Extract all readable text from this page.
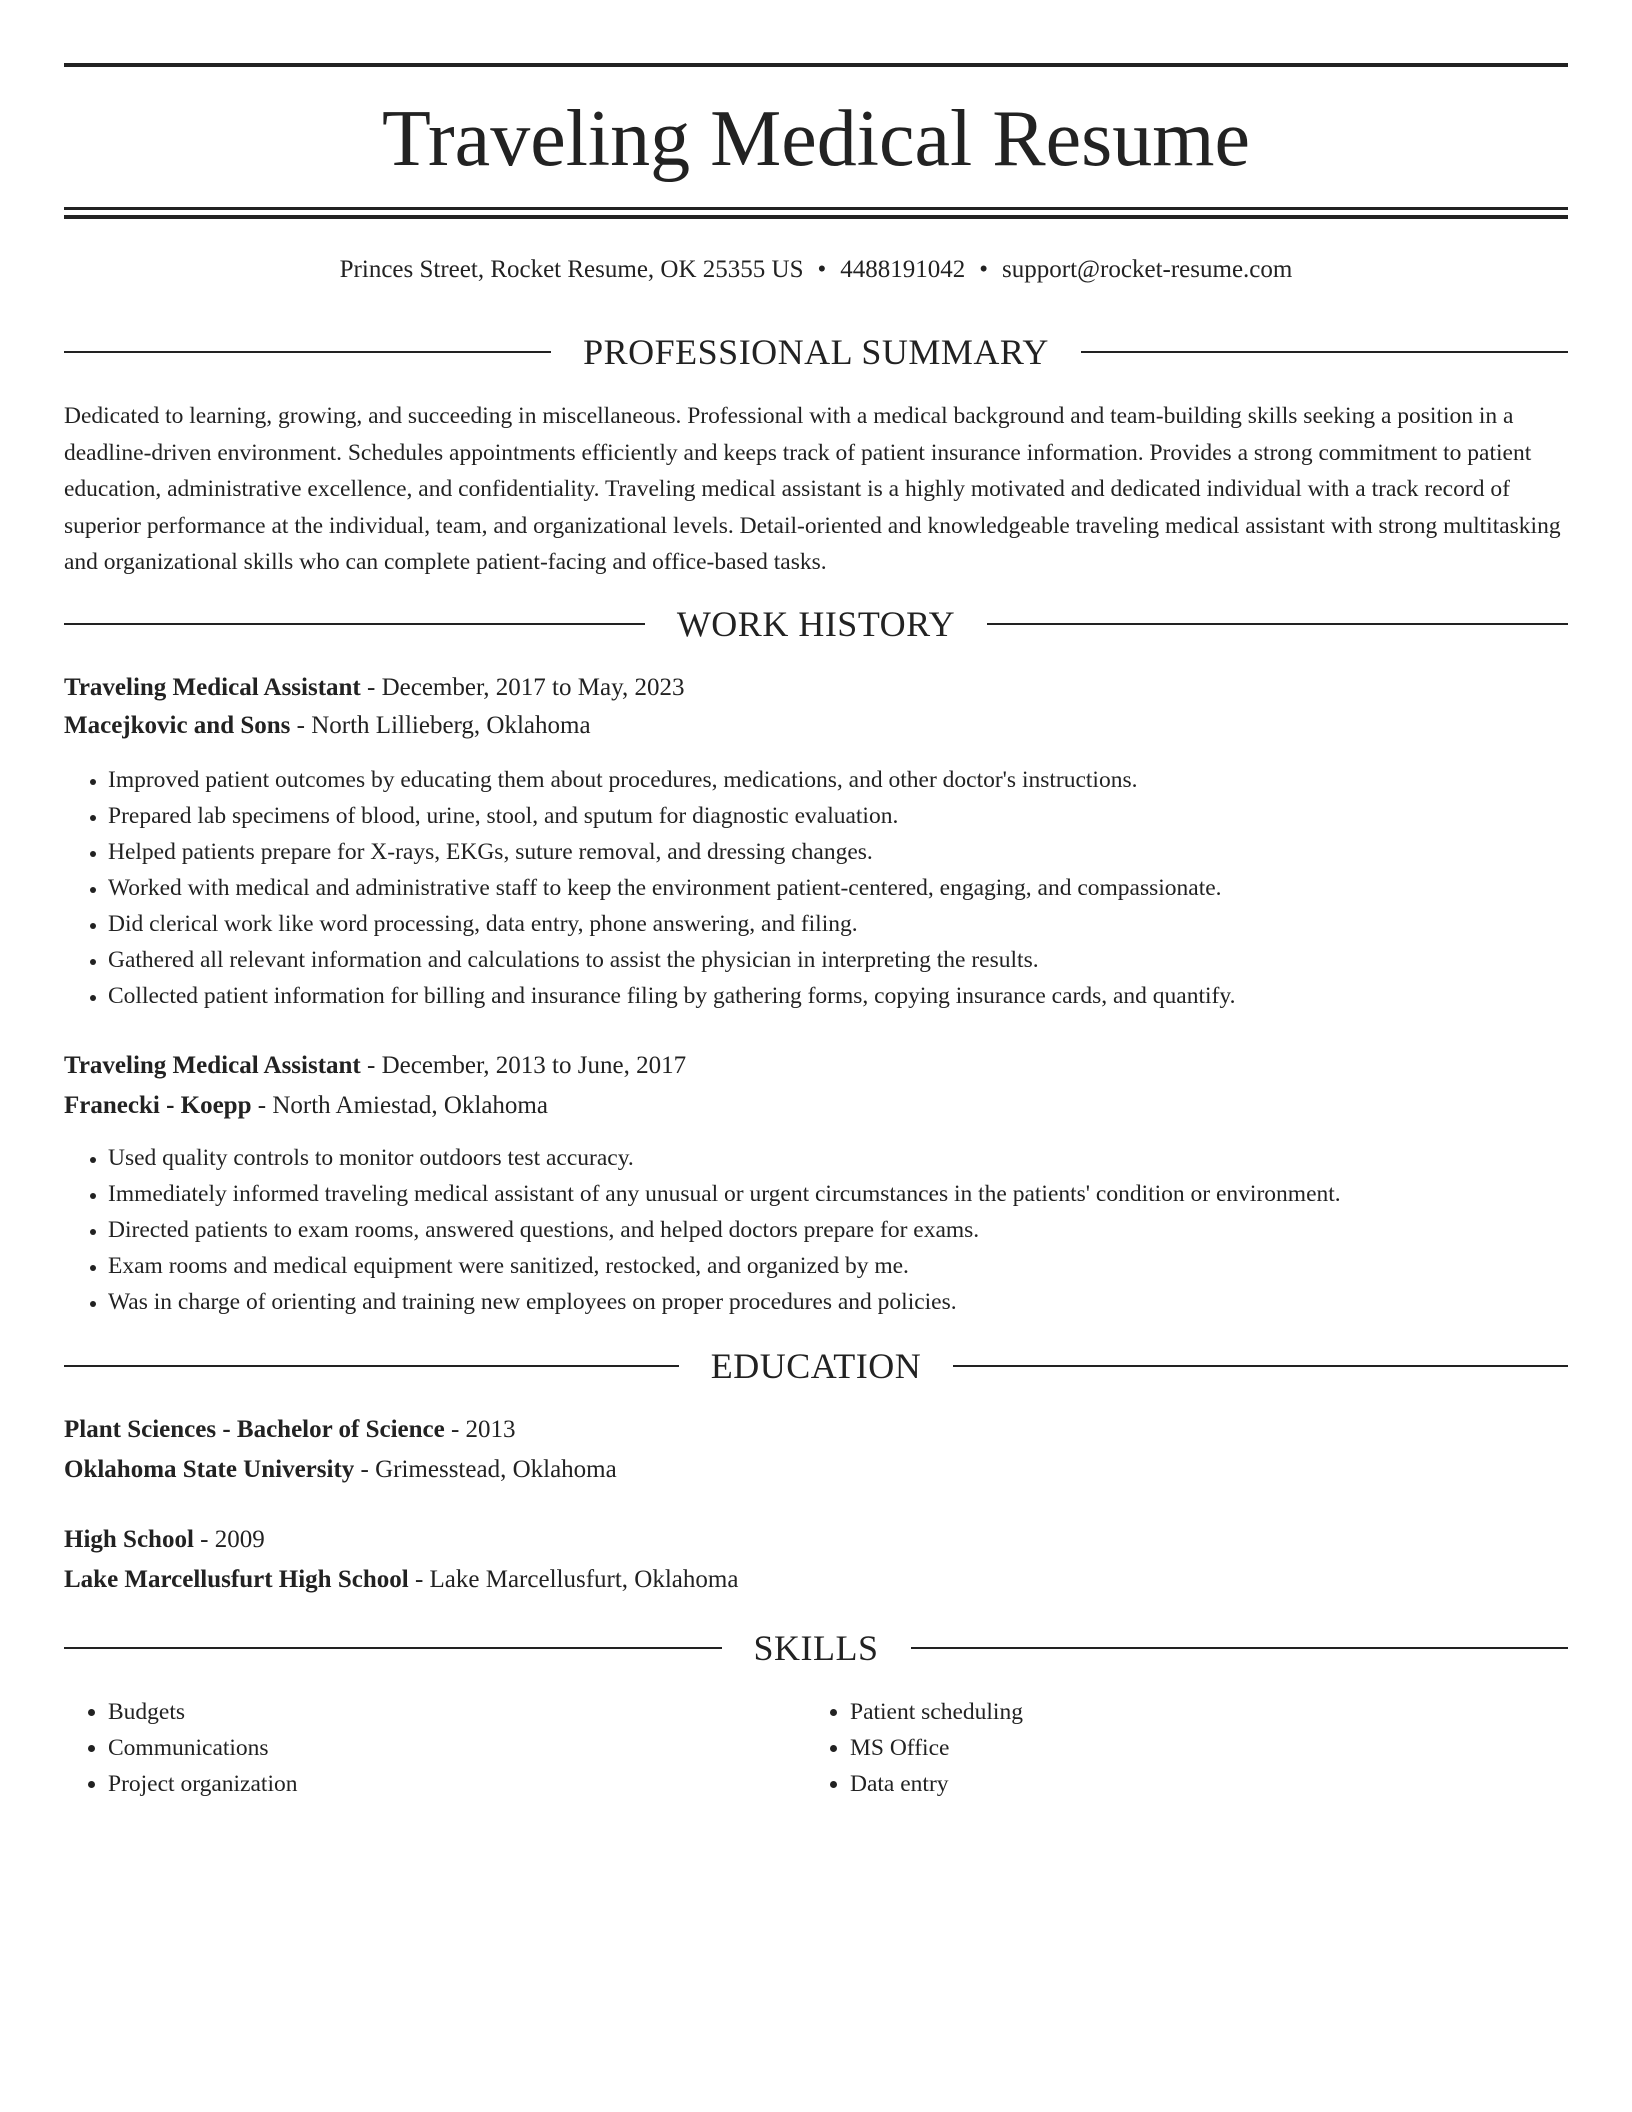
Traveling Medical Resume
Princes Street, Rocket Resume, OK 25355 US • 4488191042 • support@rocket-resume.com
PROFESSIONAL SUMMARY

Dedicated to learning, growing, and succeeding in miscellaneous. Professional with a medical background and team-building skills seeking a position in a deadline-driven environment. Schedules appointments efficiently and keeps track of patient insurance information. Provides a strong commitment to patient education, administrative excellence, and confidentiality. Traveling medical assistant is a highly motivated and dedicated individual with a track record of superior performance at the individual, team, and organizational levels. Detail-oriented and knowledgeable traveling medical assistant with strong multitasking and organizational skills who can complete patient-facing and office-based tasks.

WORK HISTORY
Traveling Medical Assistant - December, 2017 to May, 2023
Macejkovic and Sons - North Lillieberg, Oklahoma
• Improved patient outcomes by educating them about procedures, medications, and other doctor's instructions.
• Prepared lab specimens of blood, urine, stool, and sputum for diagnostic evaluation.
• Helped patients prepare for X-rays, EKGs, suture removal, and dressing changes.
• Worked with medical and administrative staff to keep the environment patient-centered, engaging, and compassionate.
• Did clerical work like word processing, data entry, phone answering, and filing.
• Gathered all relevant information and calculations to assist the physician in interpreting the results.
• Collected patient information for billing and insurance filing by gathering forms, copying insurance cards, and quantify.
Traveling Medical Assistant - December, 2013 to June, 2017
Franecki - Koepp - North Amiestad, Oklahoma
• Used quality controls to monitor outdoors test accuracy.
• Immediately informed traveling medical assistant of any unusual or urgent circumstances in the patients' condition or environment.
• Directed patients to exam rooms, answered questions, and helped doctors prepare for exams.
• Exam rooms and medical equipment were sanitized, restocked, and organized by me.
• Was in charge of orienting and training new employees on proper procedures and policies.
EDUCATION
Plant Sciences - Bachelor of Science - 2013
Oklahoma State University - Grimesstead, Oklahoma
High School - 2009
Lake Marcellusfurt High School - Lake Marcellusfurt, Oklahoma
SKILLS
• Budgets
• Communications
• Project organization
• Patient scheduling
• MS Office
• Data entry
